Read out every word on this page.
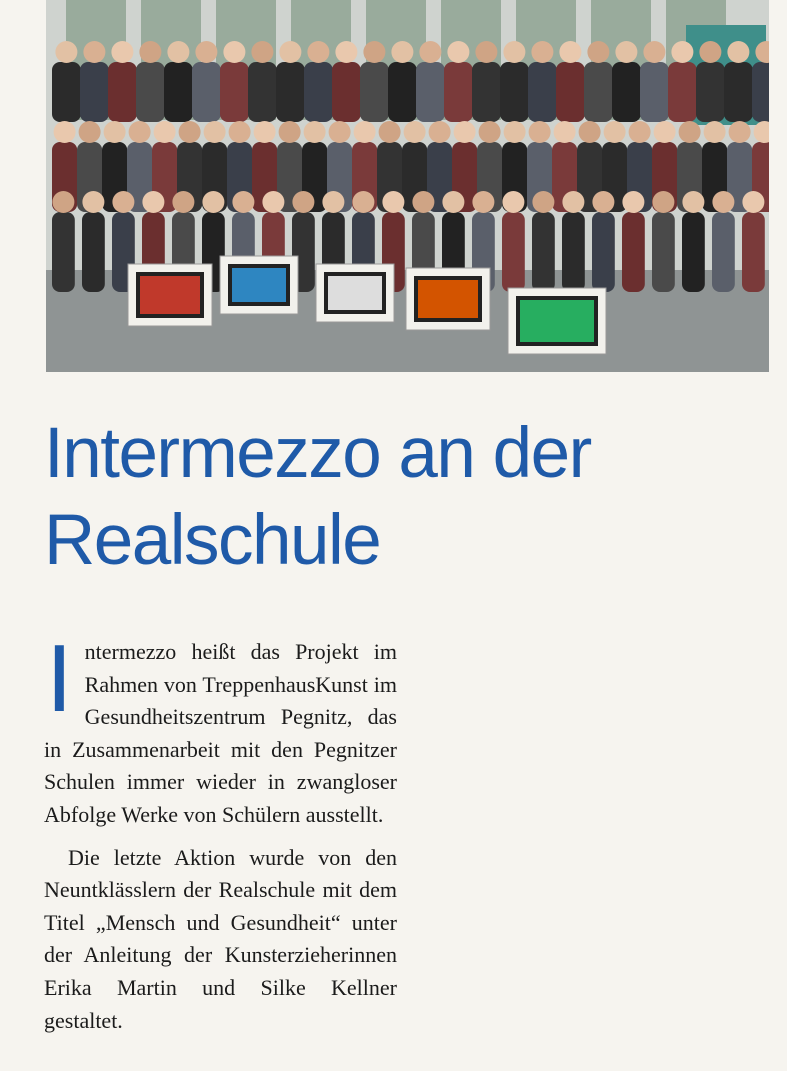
Intermezzo an der
Realschule

Intermezzo heißt das Projekt im Rahmen von TreppenhausKunst im Gesundheitszentrum Pegnitz, das in Zusammenarbeit mit den Pegnitzer Schulen immer wieder in zwangloser Abfolge Werke von Schülern ausstellt.

Die letzte Aktion wurde von den Neuntklässlern der Realschule mit dem Titel „Mensch und Gesundheit“ unter der Anleitung der Kunsterzieherinnen Erika Martin und Silke Kellner gestaltet.
